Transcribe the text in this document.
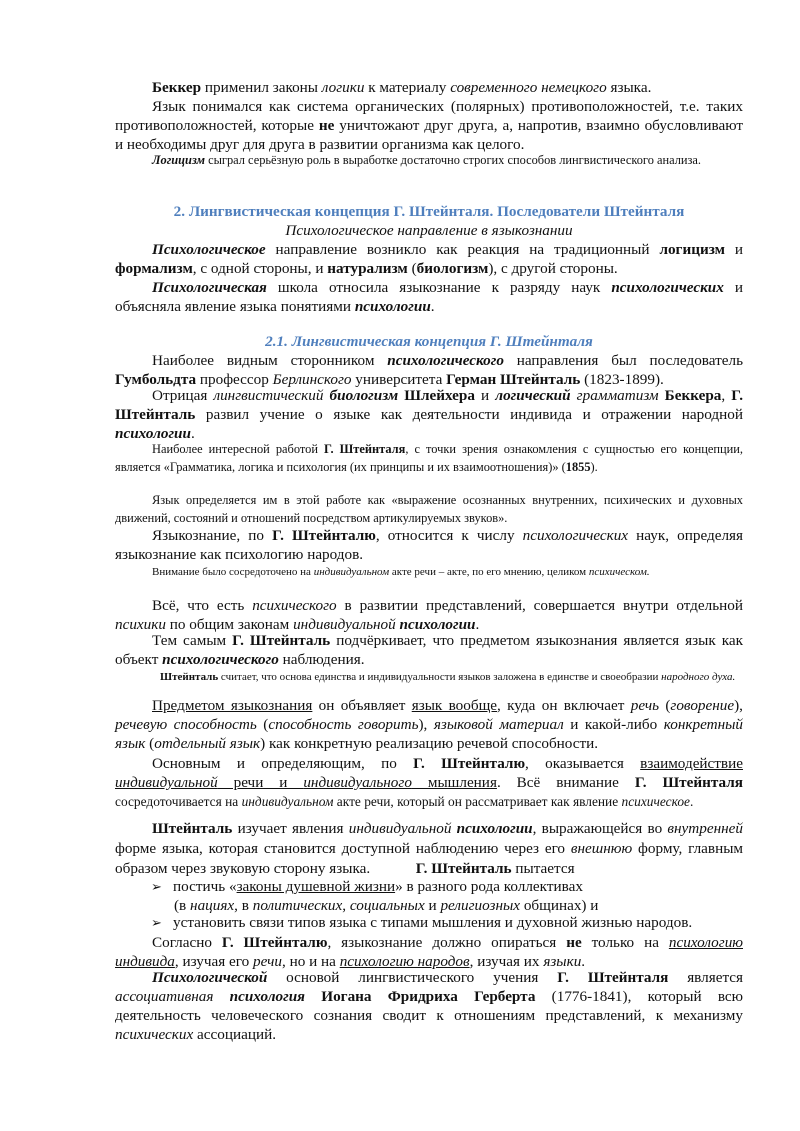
Беккер применил законы логики к материалу современного немецкого языка.
Язык понимался как система органических (полярных) противоположностей, т.е. таких противоположностей, которые не уничтожают друг друга, а, напротив, взаимно обусловливают и необходимы друг для друга в развитии организма как целого.
Логицизм сыграл серьёзную роль в выработке достаточно строгих способов лингвистического анализа.
2. Лингвистическая концепция Г. Штейнталя. Последователи Штейнталя
Психологическое направление в языкознании
Психологическое направление возникло как реакция на традиционный логицизм и формализм, с одной стороны, и натурализм (биологизм), с другой стороны.
Психологическая школа относила языкознание к разряду наук психологических и объясняла явление языка понятиями психологии.
2.1. Лингвистическая концепция Г. Штейнталя
Наиболее видным сторонником психологического направления был последователь Гумбольдта профессор Берлинского университета Герман Штейнталь (1823-1899).
Отрицая лингвистический биологизм Шлейхера и логический грамматизм Беккера, Г. Штейнталь развил учение о языке как деятельности индивида и отражении народной психологии.
Наиболее интересной работой Г. Штейнталя, с точки зрения ознакомления с сущностью его концепции, является «Грамматика, логика и психология (их принципы и их взаимоотношения)» (1855).
Язык определяется им в этой работе как «выражение осознанных внутренних, психических и духовных движений, состояний и отношений посредством артикулируемых звуков».
Языкознание, по Г. Штейнталю, относится к числу психологических наук, определяя языкознание как психологию народов.
Внимание было сосредоточено на индивидуальном акте речи – акте, по его мнению, целиком психическом.
Всё, что есть психического в развитии представлений, совершается внутри отдельной психики по общим законам индивидуальной психологии.
Тем самым Г. Штейнталь подчёркивает, что предметом языкознания является язык как объект психологического наблюдения.
Штейнталь считает, что основа единства и индивидуальности языков заложена в единстве и своеобразии народного духа.
Предметом языкознания он объявляет язык вообще, куда он включает речь (говорение), речевую способность (способность говорить), языковой материал и какой-либо конкретный язык (отдельный язык) как конкретную реализацию речевой способности.
Основным и определяющим, по Г. Штейнталю, оказывается взаимодействие индивидуальной речи и индивидуального мышления. Всё внимание Г. Штейнталя сосредоточивается на индивидуальном акте речи, который он рассматривает как явление психическое.
Штейнталь изучает явления индивидуальной психологии, выражающейся во внутренней форме языка, которая становится доступной наблюдению через его внешнюю форму, главным образом через звуковую сторону языка.	Г. Штейнталь пытается
➢ постичь «законы душевной жизни» в разного рода коллективах
(в нациях, в политических, социальных и религиозных общинах) и
➢ установить связи типов языка с типами мышления и духовной жизнью народов.
Согласно Г. Штейнталю, языкознание должно опираться не только на психологию индивида, изучая его речи, но и на психологию народов, изучая их языки.
Психологической основой лингвистического учения Г. Штейнталя является ассоциативная психология Иогана Фридриха Герберта (1776-1841), который всю деятельность человеческого сознания сводит к отношениям представлений, к механизму психических ассоциаций.
